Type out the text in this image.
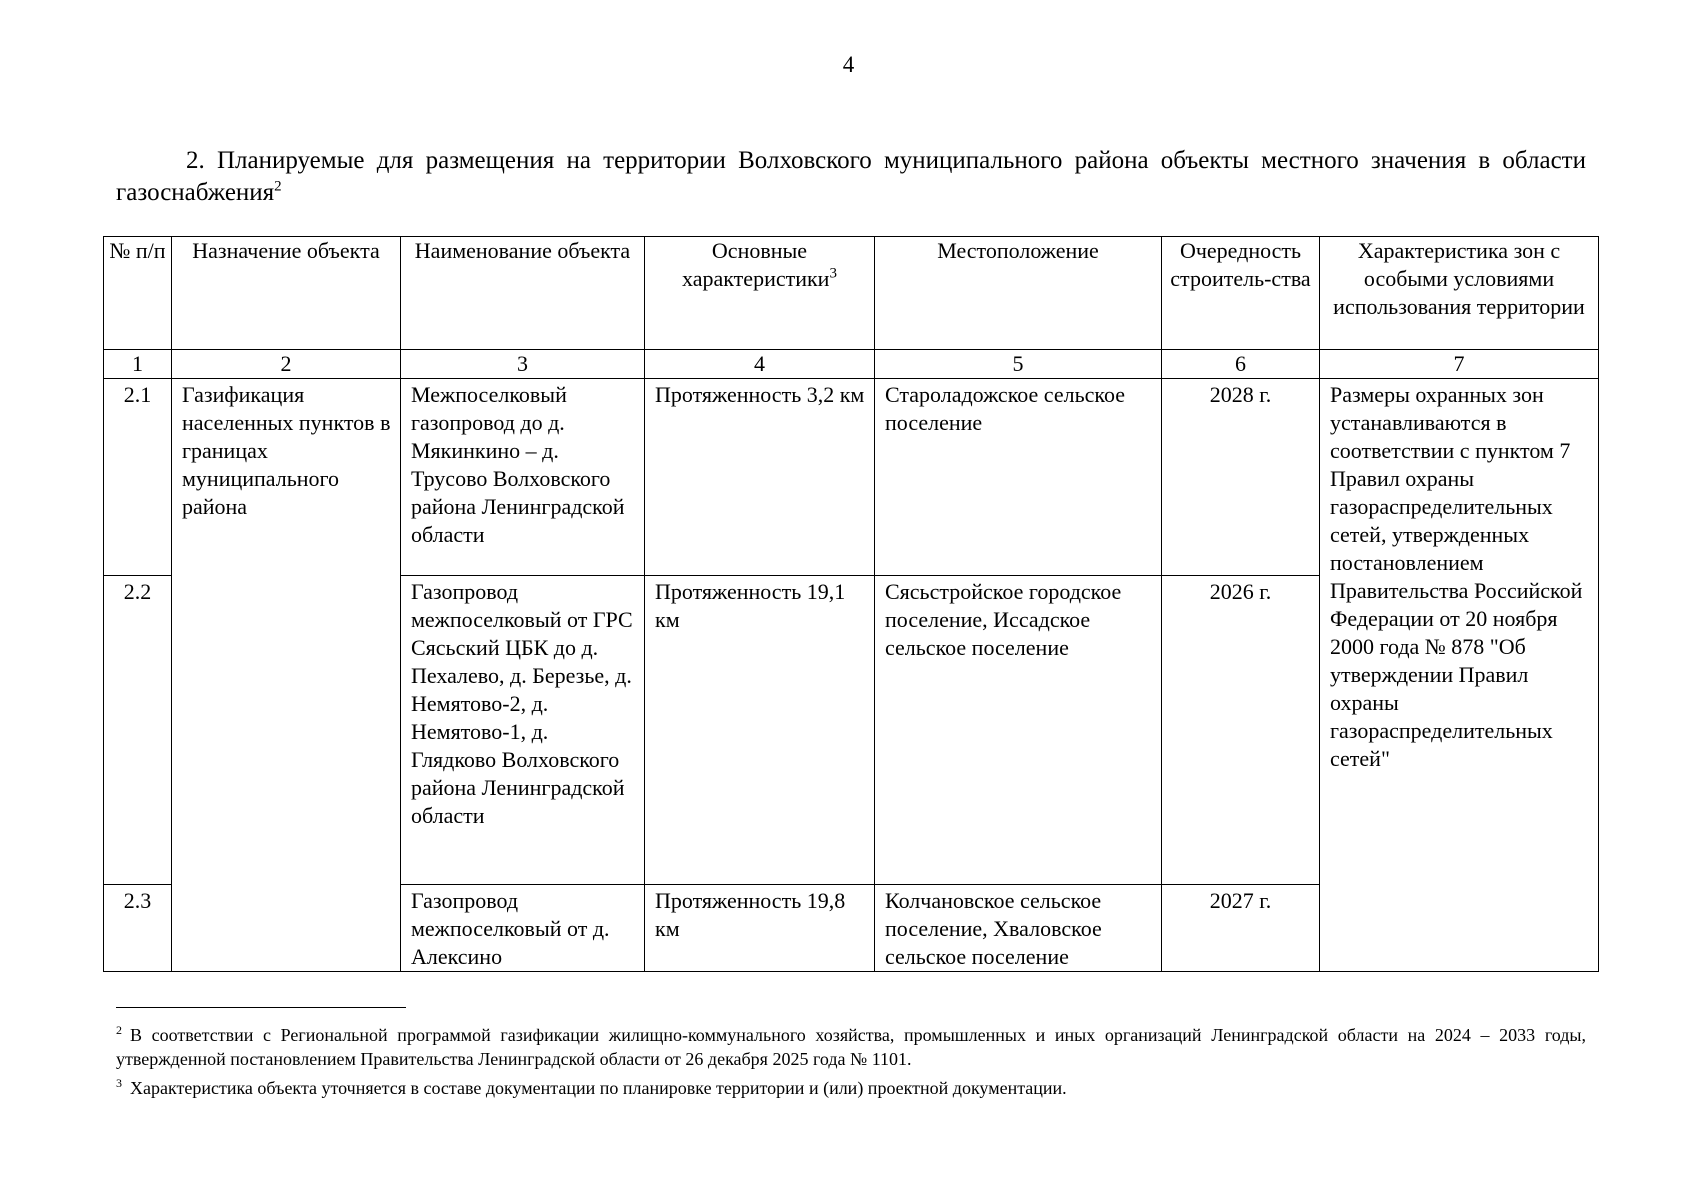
4
2. Планируемые для размещения на территории Волховского муниципального района объекты местного значения в области газоснабжения$^2$
№ п/п	Назначение объекта	Наименование объекта	Основные характеристики$^3$	Местоположение	Очередность строитель-ства	Характеристика зон с особыми условиями использования территории
1	2	3	4	5	6	7
2.1	Газификация населенных пунктов в границах муниципального района	Межпоселковый газопровод до д. Мякинкино – д. Трусово Волховского района Ленинградской области	Протяженность 3,2 км	Староладожское сельское поселение	2028 г.	Размеры охранных зон устанавливаются в соответствии с пунктом 7 Правил охраны газораспределительных сетей, утвержденных постановлением Правительства Российской Федерации от 20 ноября 2000 года № 878 "Об утверждении Правил охраны газораспределительных сетей"
2.2		Газопровод межпоселковый от ГРС Сясьский ЦБК до д. Пехалево, д. Березье, д. Немятово-2, д. Немятово-1, д. Глядково Волховского района Ленинградской области	Протяженность 19,1 км	Сясьстройское городское поселение, Иссадское сельское поселение	2026 г.	
2.3		Газопровод межпоселковый от д. Алексино	Протяженность 19,8 км	Колчановское сельское поселение, Хваловское сельское поселение	2027 г.	
$^2$ В соответствии с Региональной программой газификации жилищно-коммунального хозяйства, промышленных и иных организаций Ленинградской области на 2024 – 2033 годы, утвержденной постановлением Правительства Ленинградской области от 26 декабря 2025 года № 1101.
$^3$ Характеристика объекта уточняется в составе документации по планировке территории и (или) проектной документации.
